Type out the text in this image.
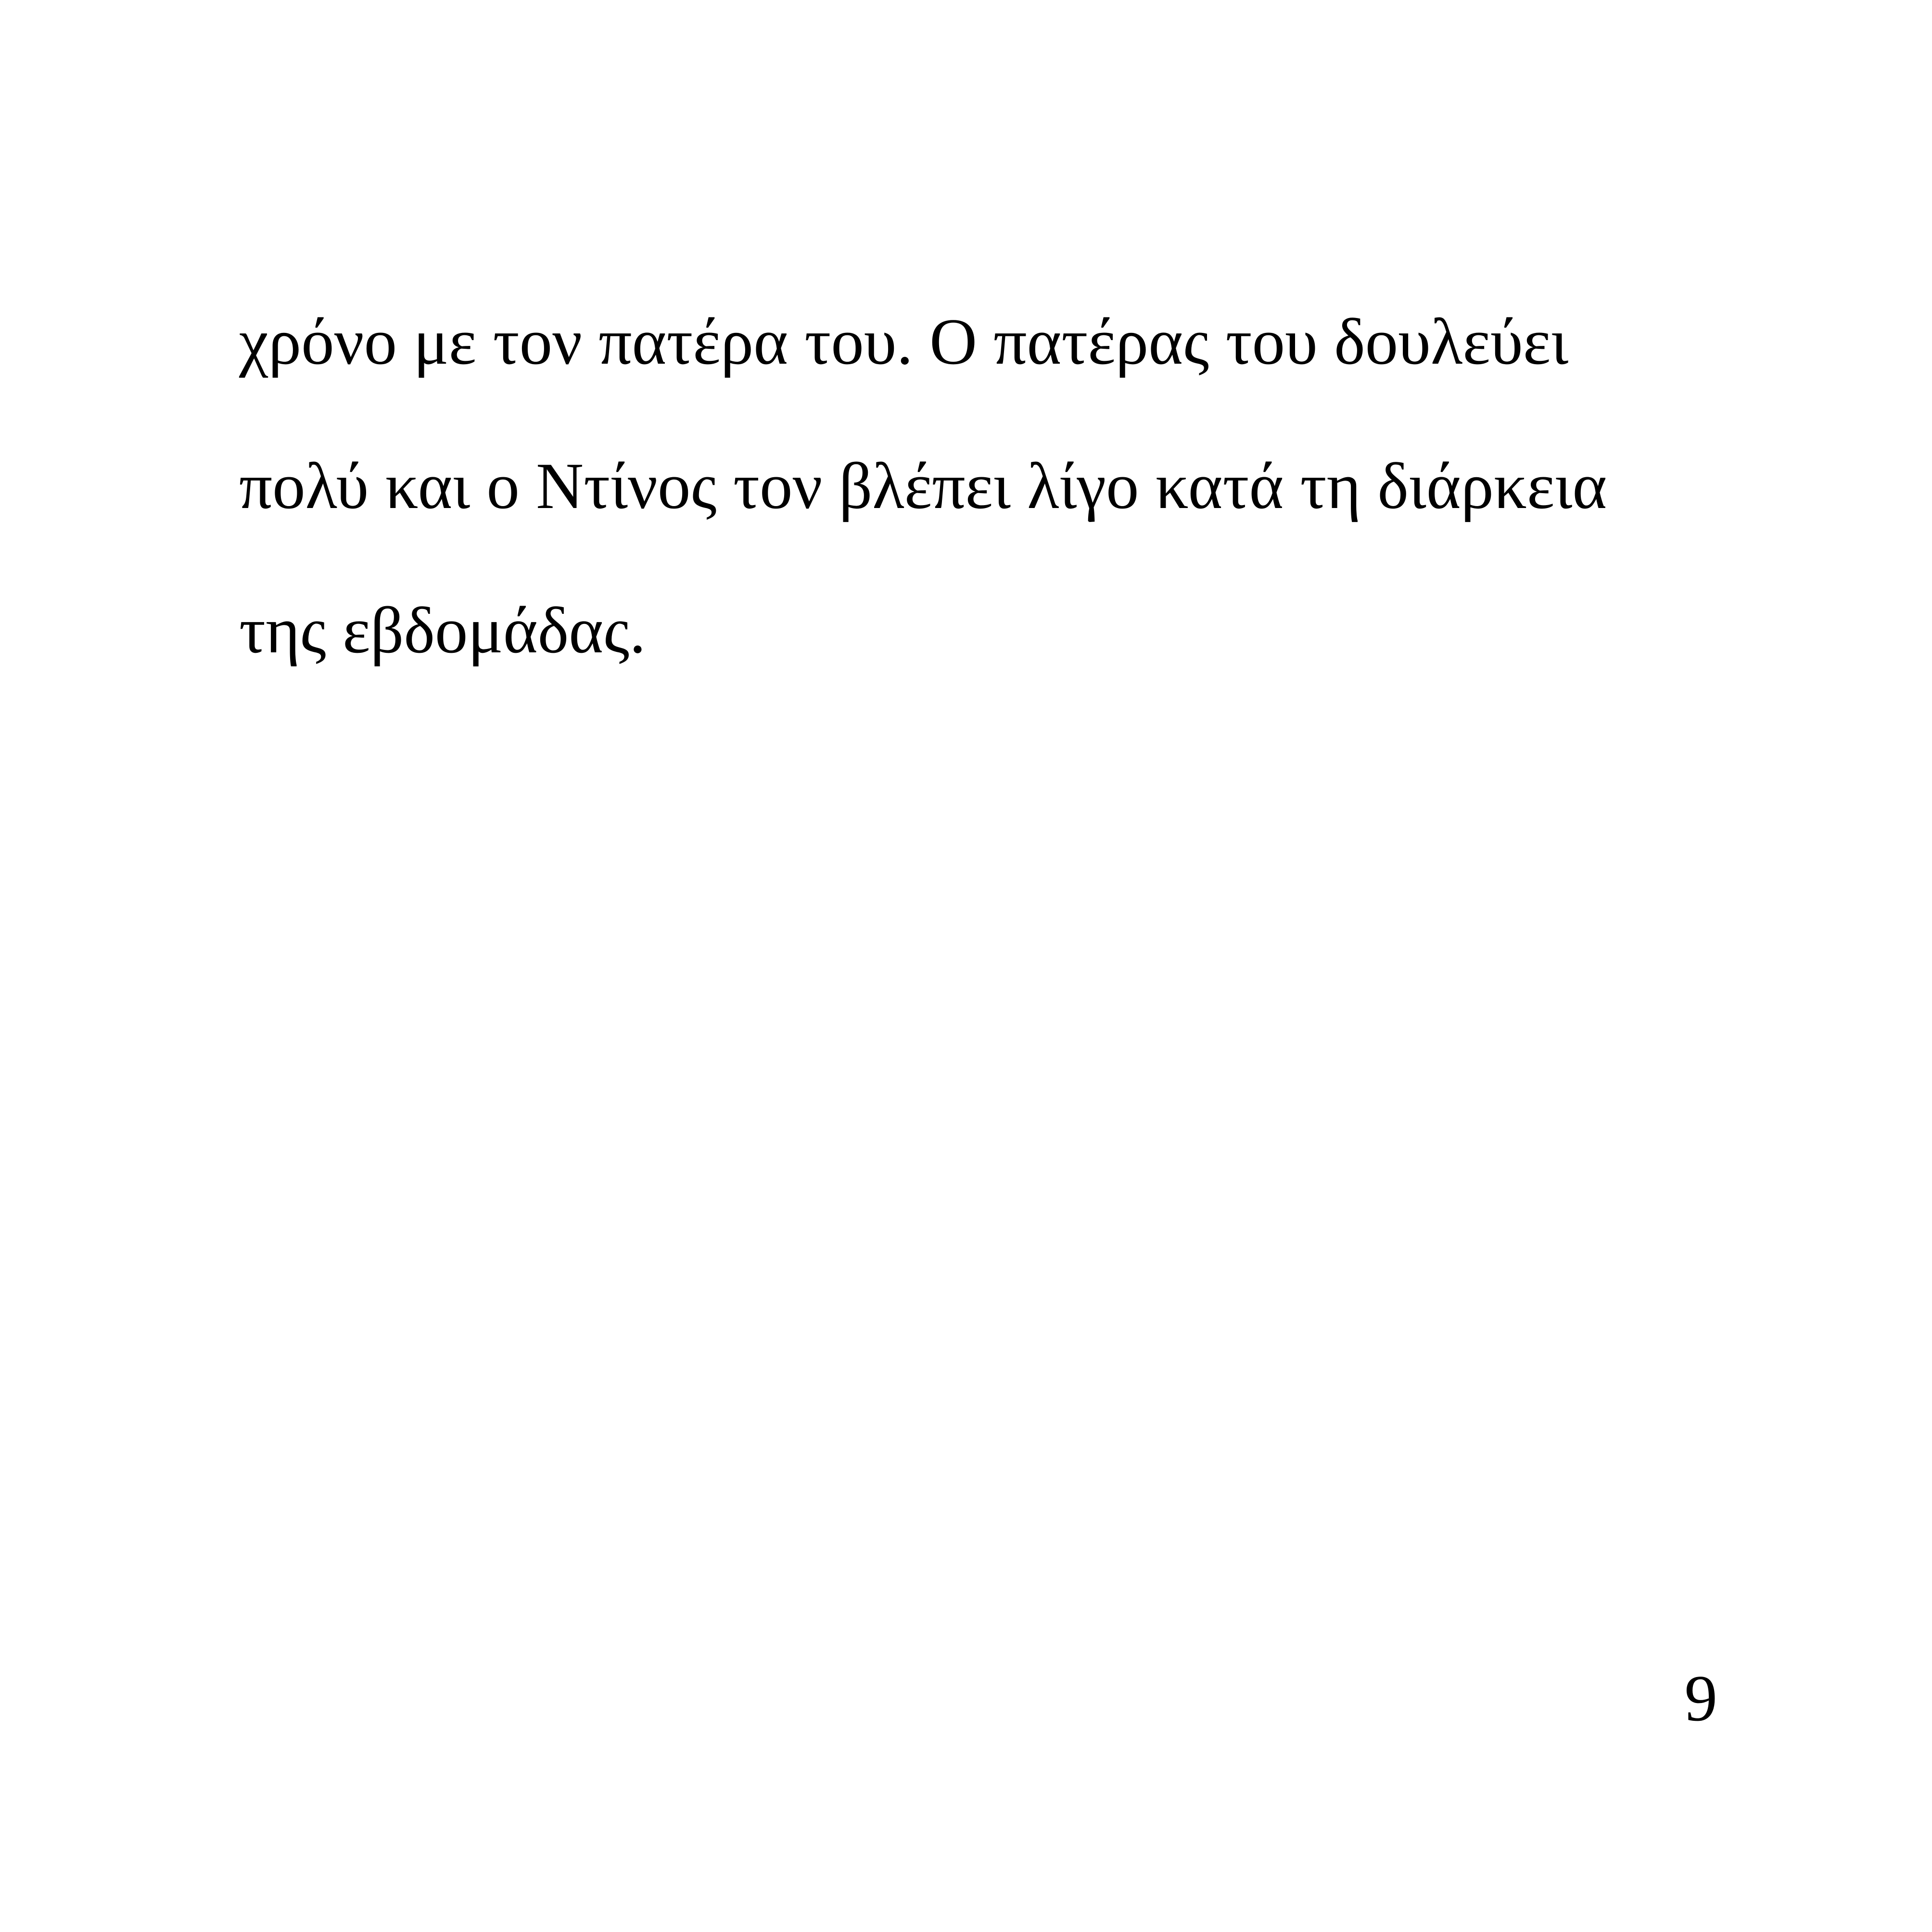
χρόνο με τον πατέρα του. Ο πατέρας του δουλεύει
πολύ και ο Ντίνος τον βλέπει λίγο κατά τη διάρκεια
της εβδομάδας.
9
